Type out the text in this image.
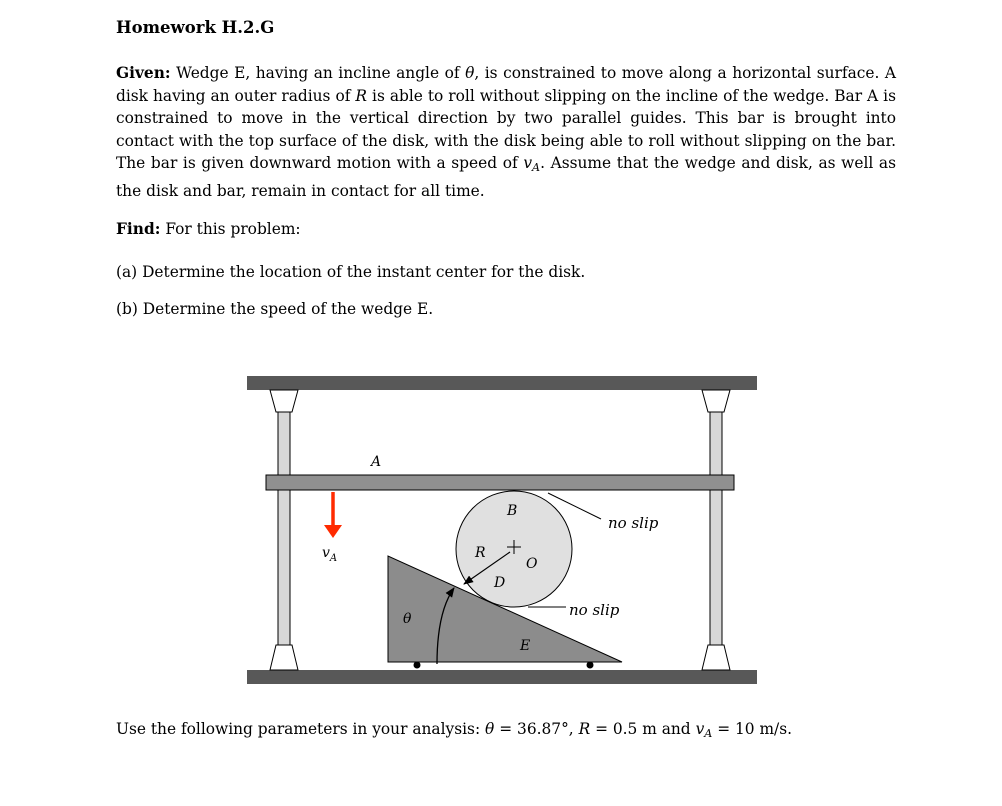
Homework H.2.G
Given: Wedge E, having an incline angle of θ, is constrained to move along a horizontal surface. A disk having an outer radius of R is able to roll without slipping on the incline of the wedge. Bar A is constrained to move in the vertical direction by two parallel guides. This bar is brought into contact with the top surface of the disk, with the disk being able to roll without slipping on the bar. The bar is given downward motion with a speed of $v_A$. Assume that the wedge and disk, as well as the disk and bar, remain in contact for all time.
Find: For this problem:
(a) Determine the location of the instant center for the disk.
(b) Determine the speed of the wedge E.
A
$v_A$
θ
E
B
R
O
D
no slip
no slip
Use the following parameters in your analysis: θ = 36.87°, R = 0.5 m and $v_A = 10$ m/s.
